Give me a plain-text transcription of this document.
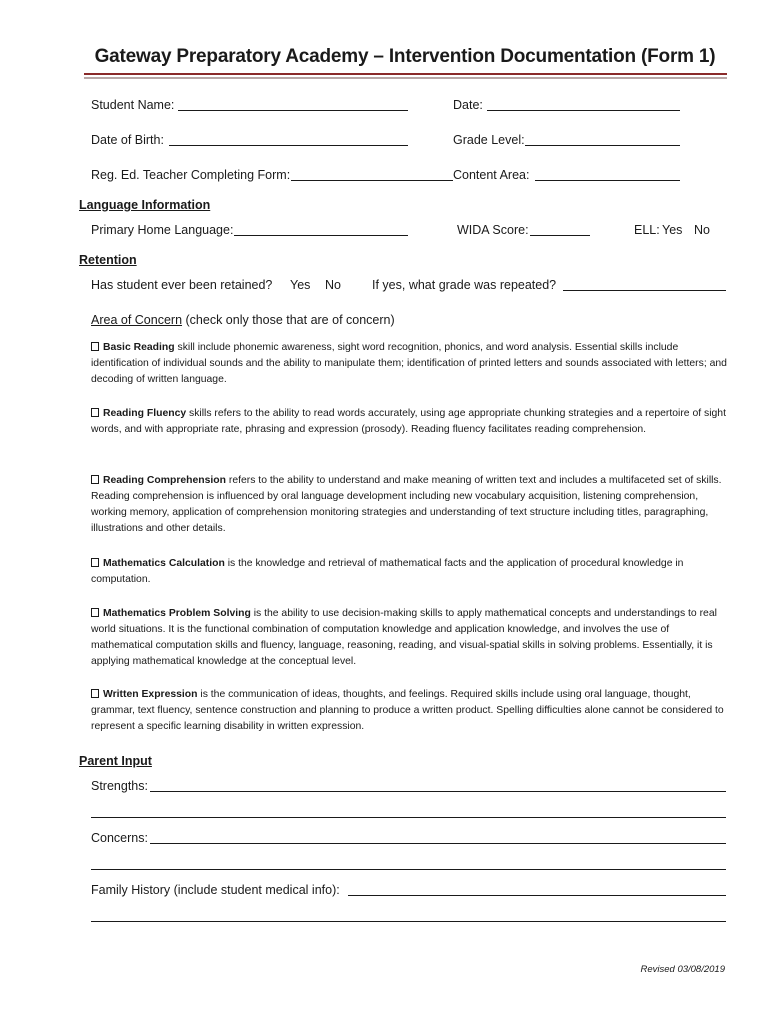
Gateway Preparatory Academy – Intervention Documentation (Form 1)
Student Name:	Date:
Date of Birth:	Grade Level:
Reg. Ed. Teacher Completing Form:	Content Area:
Language Information
Primary Home Language:	WIDA Score:	ELL: Yes No
Retention
Has student ever been retained? Yes No If yes, what grade was repeated?
Area of Concern (check only those that are of concern)
Basic Reading skill include phonemic awareness, sight word recognition, phonics, and word analysis. Essential skills include identification of individual sounds and the ability to manipulate them; identification of printed letters and sounds associated with letters; and decoding of written language.
Reading Fluency skills refers to the ability to read words accurately, using age appropriate chunking strategies and a repertoire of sight words, and with appropriate rate, phrasing and expression (prosody). Reading fluency facilitates reading comprehension.
Reading Comprehension refers to the ability to understand and make meaning of written text and includes a multifaceted set of skills. Reading comprehension is influenced by oral language development including new vocabulary acquisition, listening comprehension, working memory, application of comprehension monitoring strategies and understanding of text structure including titles, paragraphing, illustrations and other details.
Mathematics Calculation is the knowledge and retrieval of mathematical facts and the application of procedural knowledge in computation.
Mathematics Problem Solving is the ability to use decision-making skills to apply mathematical concepts and understandings to real world situations. It is the functional combination of computation knowledge and application knowledge, and involves the use of mathematical computation skills and fluency, language, reasoning, reading, and visual-spatial skills in solving problems. Essentially, it is applying mathematical knowledge at the conceptual level.
Written Expression is the communication of ideas, thoughts, and feelings. Required skills include using oral language, thought, grammar, text fluency, sentence construction and planning to produce a written product. Spelling difficulties alone cannot be considered to represent a specific learning disability in written expression.
Parent Input
Strengths:
Concerns:
Family History (include student medical info):
Revised 03/08/2019
